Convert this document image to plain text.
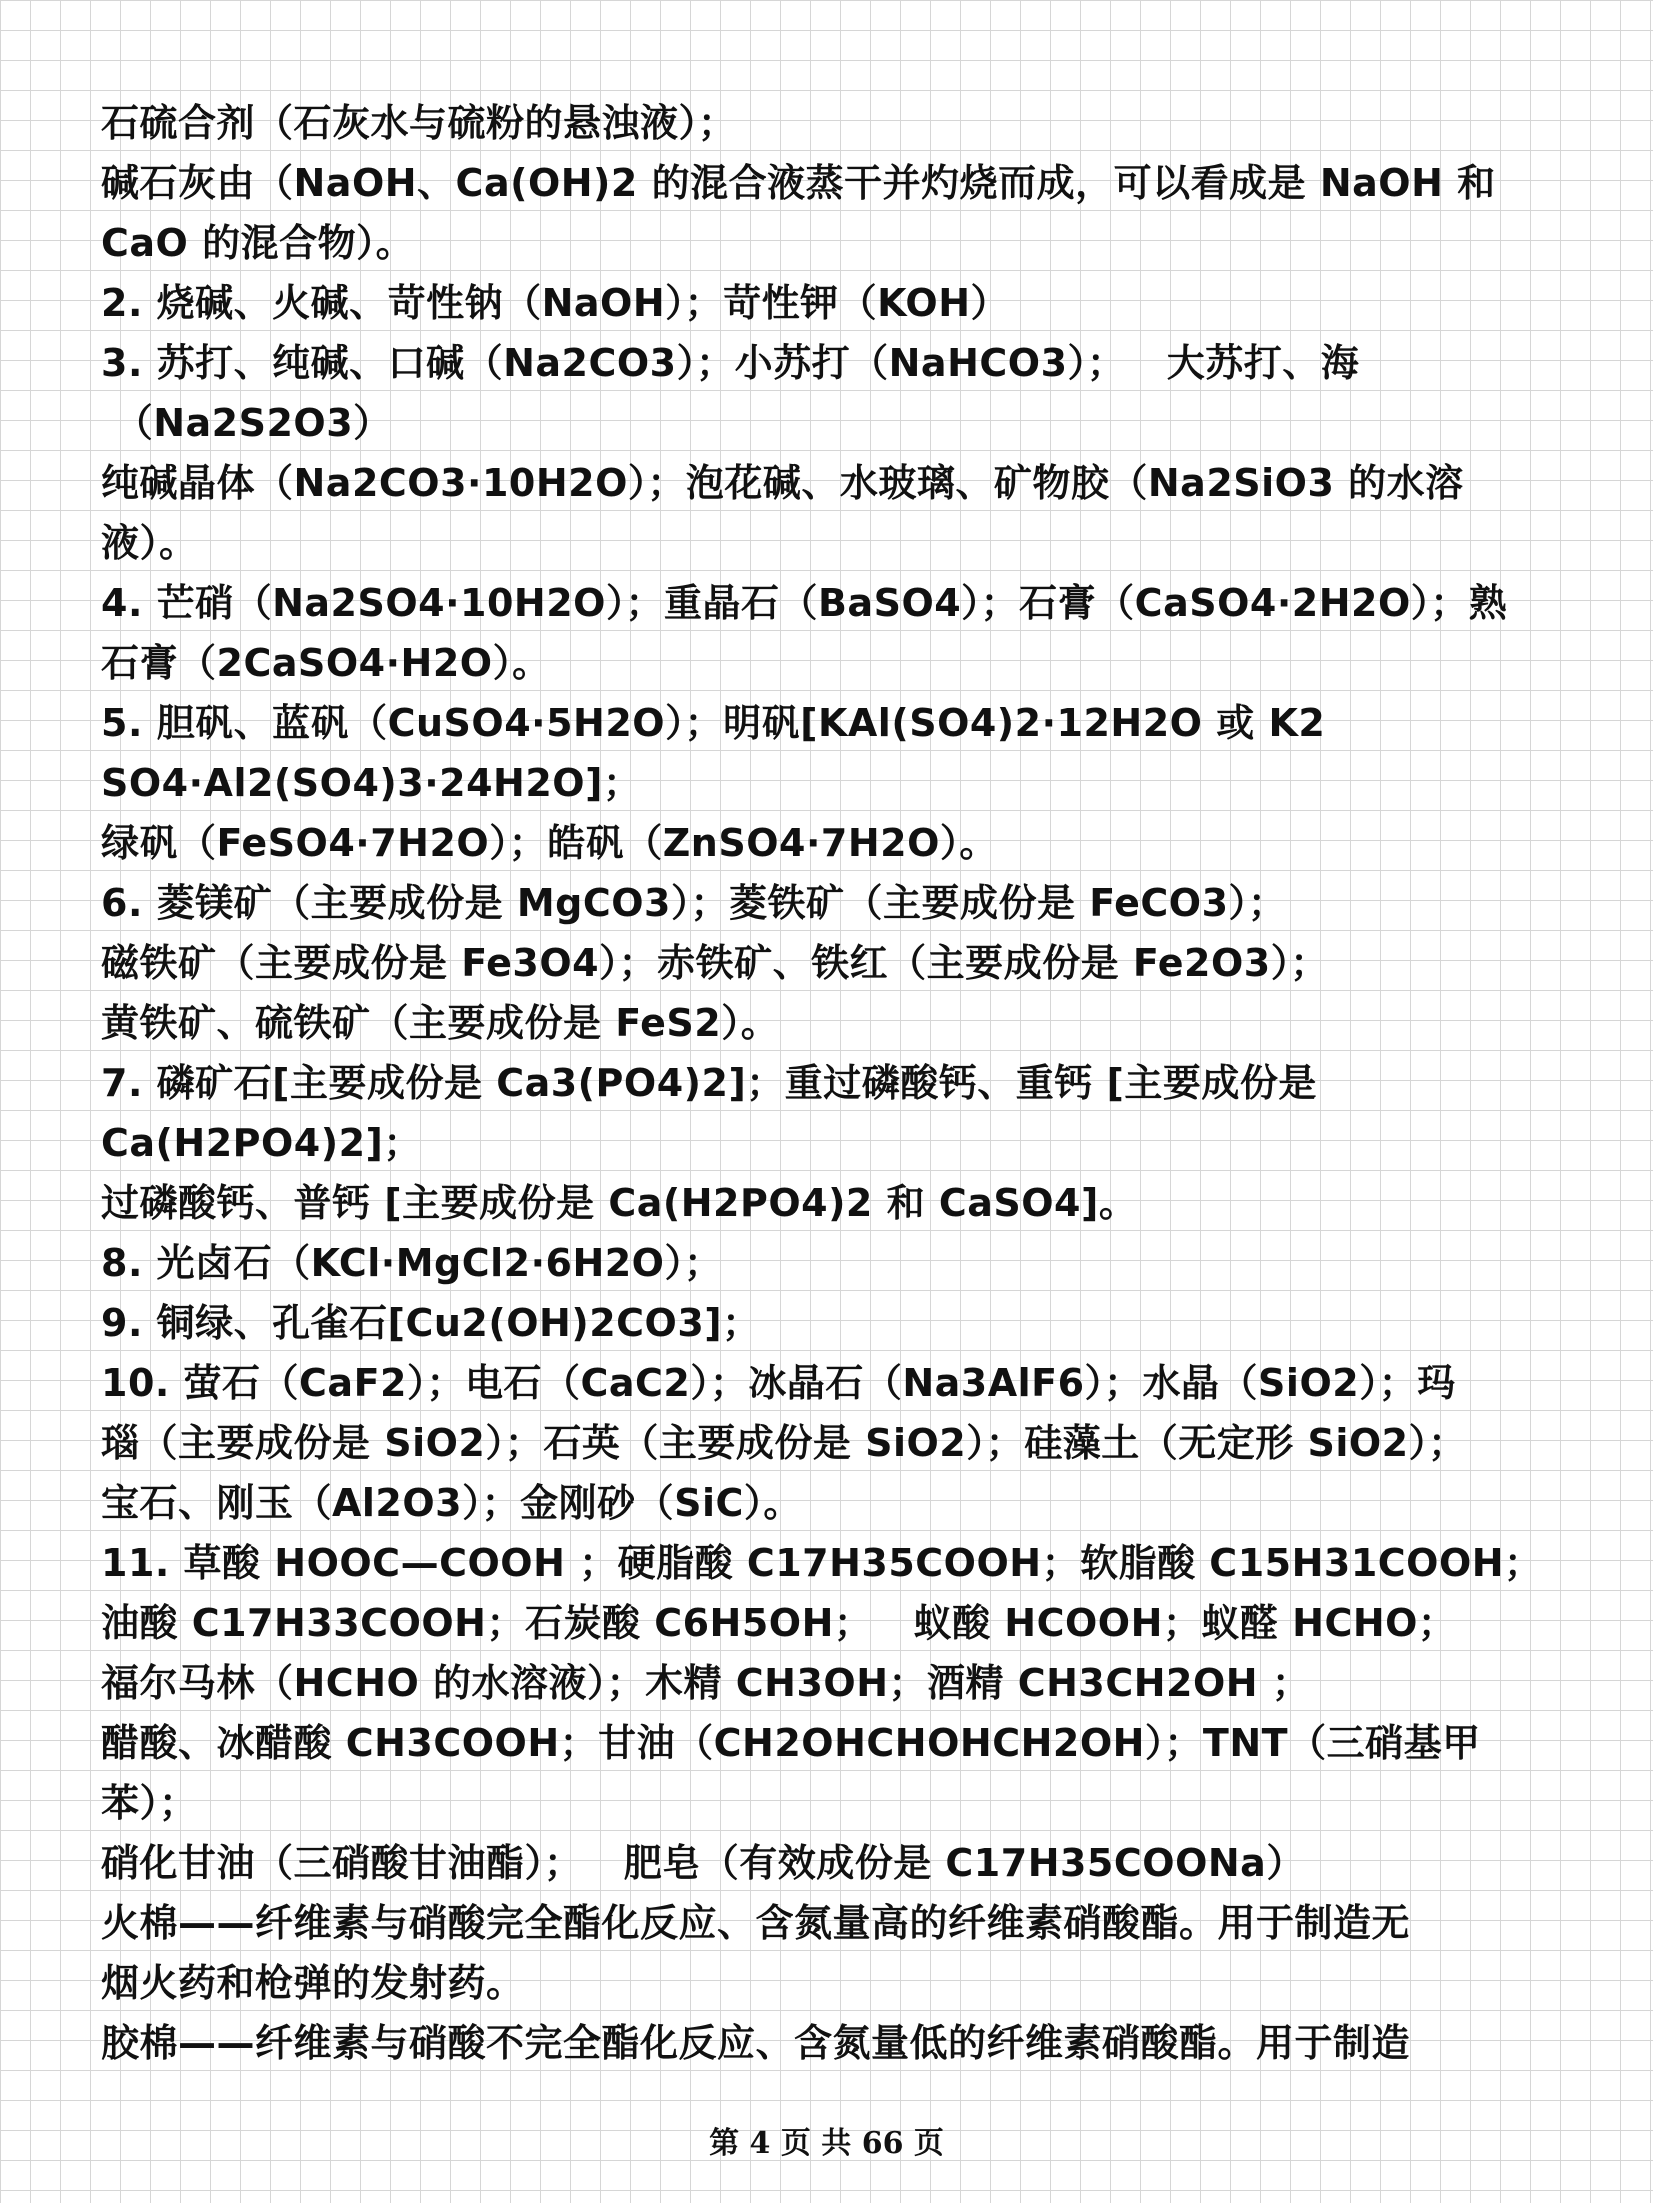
石硫合剂（石灰水与硫粉的悬浊液）；
碱石灰由（NaOH、Ca(OH)2 的混合液蒸干并灼烧而成，可以看成是 NaOH 和
CaO 的混合物）。
2. 烧碱、火碱、苛性钠（NaOH）；苛性钾（KOH）
3. 苏打、纯碱、口碱（Na2CO3）；小苏打（NaHCO3）；   大苏打、海
（Na2S2O3）
纯碱晶体（Na2CO3·10H2O）；泡花碱、水玻璃、矿物胶（Na2SiO3 的水溶
液）。
4. 芒硝（Na2SO4·10H2O）；重晶石（BaSO4）；石膏（CaSO4·2H2O）；熟
石膏（2CaSO4·H2O）。
5. 胆矾、蓝矾（CuSO4·5H2O）；明矾[KAl(SO4)2·12H2O 或 K2
SO4·Al2(SO4)3·24H2O]；
绿矾（FeSO4·7H2O）；皓矾（ZnSO4·7H2O）。
6. 菱镁矿（主要成份是 MgCO3）；菱铁矿（主要成份是 FeCO3）；
磁铁矿（主要成份是 Fe3O4）；赤铁矿、铁红（主要成份是 Fe2O3）；
黄铁矿、硫铁矿（主要成份是 FeS2）。
7. 磷矿石[主要成份是 Ca3(PO4)2]；重过磷酸钙、重钙 [主要成份是
Ca(H2PO4)2]；
过磷酸钙、普钙 [主要成份是 Ca(H2PO4)2 和 CaSO4]。
8. 光卤石（KCl·MgCl2·6H2O）；
9. 铜绿、孔雀石[Cu2(OH)2CO3]；
10. 萤石（CaF2）；电石（CaC2）；冰晶石（Na3AlF6）；水晶（SiO2）；玛
瑙（主要成份是 SiO2）；石英（主要成份是 SiO2）；硅藻土（无定形 SiO2）；
宝石、刚玉（Al2O3）；金刚砂（SiC）。
11. 草酸 HOOC—COOH ；硬脂酸 C17H35COOH；软脂酸 C15H31COOH；
油酸 C17H33COOH；石炭酸 C6H5OH；   蚁酸 HCOOH；蚁醛 HCHO；
福尔马林（HCHO 的水溶液）；木精 CH3OH；酒精 CH3CH2OH ；
醋酸、冰醋酸 CH3COOH；甘油（CH2OHCHOHCH2OH）；TNT（三硝基甲
苯）；
硝化甘油（三硝酸甘油酯）；   肥皂（有效成份是 C17H35COONa）
火棉——纤维素与硝酸完全酯化反应、含氮量高的纤维素硝酸酯。用于制造无
烟火药和枪弹的发射药。
胶棉——纤维素与硝酸不完全酯化反应、含氮量低的纤维素硝酸酯。用于制造
第 4 页 共 66 页
